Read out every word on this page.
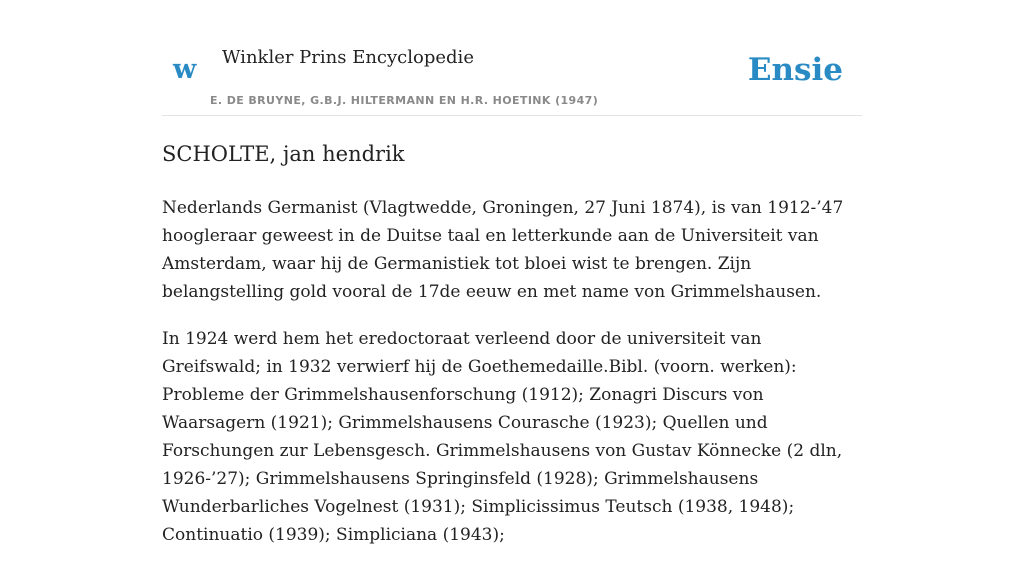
w Winkler Prins Encyclopedie
E. DE BRUYNE, G.B.J. HILTERMANN EN H.R. HOETINK (1947)
Ensie
SCHOLTE, jan hendrik

Nederlands Germanist (Vlagtwedde, Groningen, 27 Juni 1874), is van 1912-’47 hoogleraar geweest in de Duitse taal en letterkunde aan de Universiteit van Amsterdam, waar hij de Germanistiek tot bloei wist te brengen. Zijn belangstelling gold vooral de 17de eeuw en met name von Grimmelshausen.

In 1924 werd hem het eredoctoraat verleend door de universiteit van Greifswald; in 1932 verwierf hij de Goethemedaille.Bibl. (voorn. werken): Probleme der Grimmelshausenforschung (1912); Zonagri Discurs von Waarsagern (1921); Grimmelshausens Courasche (1923); Quellen und Forschungen zur Lebensgesch. Grimmelshausens von Gustav Könnecke (2 dln, 1926-’27); Grimmelshausens Springinsfeld (1928); Grimmelshausens Wunderbarliches Vogelnest (1931); Simplicissimus Teutsch (1938, 1948); Continuatio (1939); Simpliciana (1943);
